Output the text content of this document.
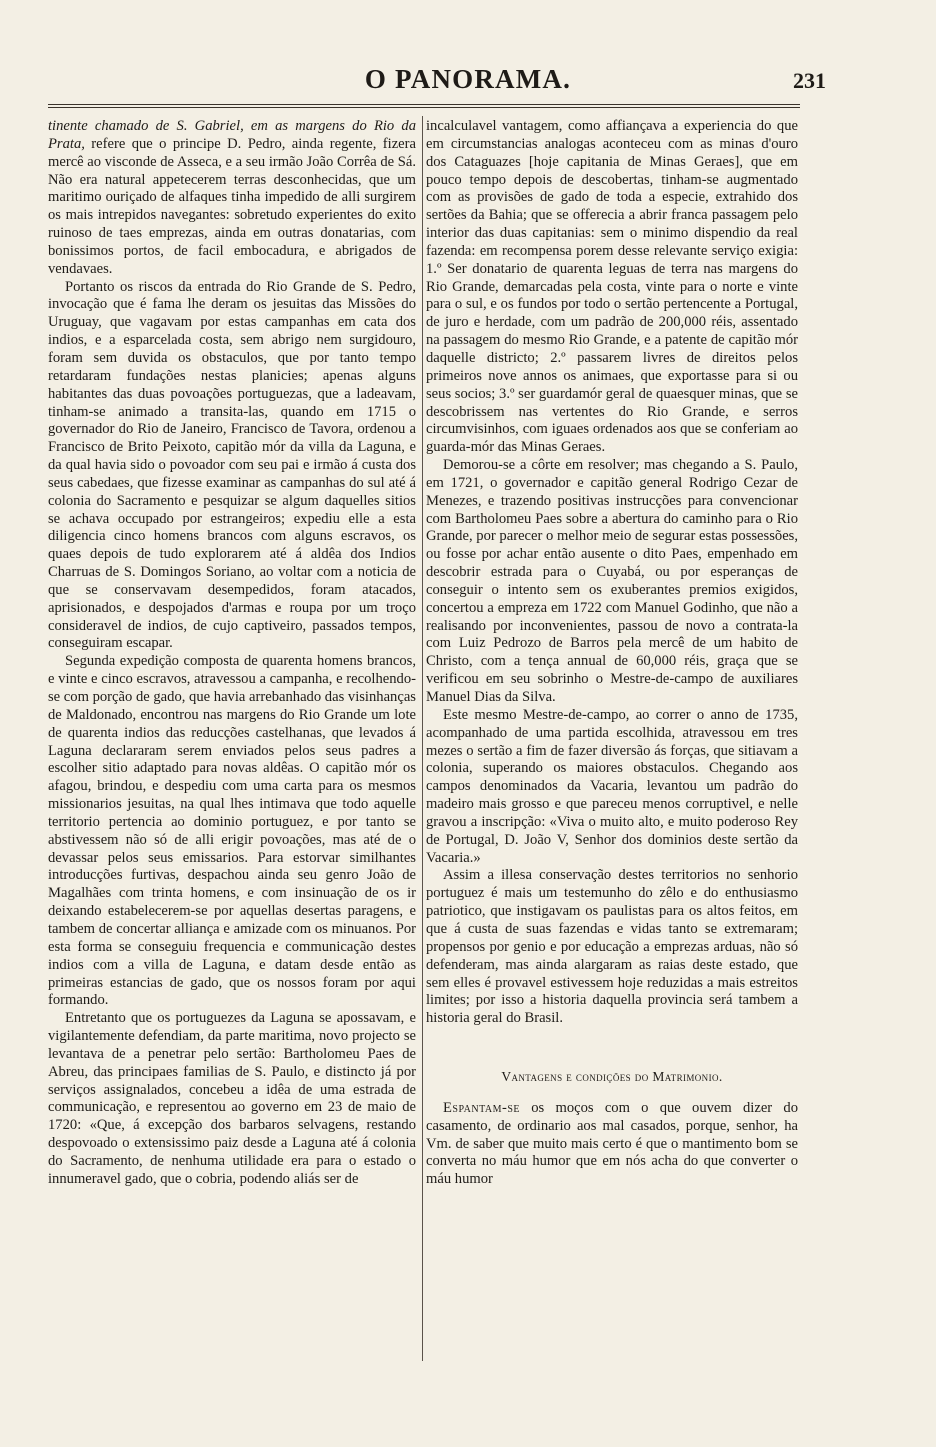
O PANORAMA.	231

tinente chamado de S. Gabriel, em as margens do Rio da Prata, refere que o principe D. Pedro, ainda regente, fizera mercê ao visconde de Asseca, e a seu irmão João Corrêa de Sá. Não era natural appetecerem terras desconhecidas, que um maritimo ouriçado de alfaques tinha impedido de alli surgirem os mais intrepidos navegantes: sobretudo experientes do exito ruinoso de taes emprezas, ainda em outras donatarias, com bonissimos portos, de facil embocadura, e abrigados de vendavaes.

Portanto os riscos da entrada do Rio Grande de S. Pedro, invocação que é fama lhe deram os jesuitas das Missões do Uruguay, que vagavam por estas campanhas em cata dos indios, e a esparcelada costa, sem abrigo nem surgidouro, foram sem duvida os obstaculos, que por tanto tempo retardaram fundações nestas planicies; apenas alguns habitantes das duas povoações portuguezas, que a ladeavam, tinham-se animado a transita-las, quando em 1715 o governador do Rio de Janeiro, Francisco de Tavora, ordenou a Francisco de Brito Peixoto, capitão mór da villa da Laguna, e da qual havia sido o povoador com seu pai e irmão á custa dos seus cabedaes, que fizesse examinar as campanhas do sul até á colonia do Sacramento e pesquizar se algum daquelles sitios se achava occupado por estrangeiros; expediu elle a esta diligencia cinco homens brancos com alguns escravos, os quaes depois de tudo explorarem até á aldêa dos Indios Charruas de S. Domingos Soriano, ao voltar com a noticia de que se conservavam desempedidos, foram atacados, aprisionados, e despojados d'armas e roupa por um troço consideravel de indios, de cujo captiveiro, passados tempos, conseguiram escapar.

Segunda expedição composta de quarenta homens brancos, e vinte e cinco escravos, atravessou a campanha, e recolhendo-se com porção de gado, que havia arrebanhado das visinhanças de Maldonado, encontrou nas margens do Rio Grande um lote de quarenta indios das reducções castelhanas, que levados á Laguna declararam serem enviados pelos seus padres a escolher sitio adaptado para novas aldêas. O capitão mór os afagou, brindou, e despediu com uma carta para os mesmos missionarios jesuitas, na qual lhes intimava que todo aquelle territorio pertencia ao dominio portuguez, e por tanto se abstivessem não só de alli erigir povoações, mas até de o devassar pelos seus emissarios. Para estorvar similhantes introducções furtivas, despachou ainda seu genro João de Magalhães com trinta homens, e com insinuação de os ir deixando estabelecerem-se por aquellas desertas paragens, e tambem de concertar alliança e amizade com os minuanos. Por esta forma se conseguiu frequencia e communicação destes indios com a villa de Laguna, e datam desde então as primeiras estancias de gado, que os nossos foram por aqui formando.

Entretanto que os portuguezes da Laguna se apossavam, e vigilantemente defendiam, da parte maritima, novo projecto se levantava de a penetrar pelo sertão: Bartholomeu Paes de Abreu, das principaes familias de S. Paulo, e distincto já por serviços assignalados, concebeu a idêa de uma estrada de communicação, e representou ao governo em 23 de maio de 1720: «Que, á excepção dos barbaros selvagens, restando despovoado o extensissimo paiz desde a Laguna até á colonia do Sacramento, de nenhuma utilidade era para o estado o innumeravel gado, que o cobria, podendo aliás ser de

incalculavel vantagem, como affiançava a experiencia do que em circumstancias analogas aconteceu com as minas d'ouro dos Cataguazes [hoje capitania de Minas Geraes], que em pouco tempo depois de descobertas, tinham-se augmentado com as provisões de gado de toda a especie, extrahido dos sertões da Bahia; que se offerecia a abrir franca passagem pelo interior das duas capitanias: sem o minimo dispendio da real fazenda: em recompensa porem desse relevante serviço exigia: 1.º Ser donatario de quarenta leguas de terra nas margens do Rio Grande, demarcadas pela costa, vinte para o norte e vinte para o sul, e os fundos por todo o sertão pertencente a Portugal, de juro e herdade, com um padrão de 200,000 réis, assentado na passagem do mesmo Rio Grande, e a patente de capitão mór daquelle districto; 2.º passarem livres de direitos pelos primeiros nove annos os animaes, que exportasse para si ou seus socios; 3.º ser guardamór geral de quaesquer minas, que se descobrissem nas vertentes do Rio Grande, e serros circumvisinhos, com iguaes ordenados aos que se conferiam ao guarda-mór das Minas Geraes.

Demorou-se a côrte em resolver; mas chegando a S. Paulo, em 1721, o governador e capitão general Rodrigo Cezar de Menezes, e trazendo positivas instrucções para convencionar com Bartholomeu Paes sobre a abertura do caminho para o Rio Grande, por parecer o melhor meio de segurar estas possessões, ou fosse por achar então ausente o dito Paes, empenhado em descobrir estrada para o Cuyabá, ou por esperanças de conseguir o intento sem os exuberantes premios exigidos, concertou a empreza em 1722 com Manuel Godinho, que não a realisando por inconvenientes, passou de novo a contrata-la com Luiz Pedrozo de Barros pela mercê de um habito de Christo, com a tença annual de 60,000 réis, graça que se verificou em seu sobrinho o Mestre-de-campo de auxiliares Manuel Dias da Silva.

Este mesmo Mestre-de-campo, ao correr o anno de 1735, acompanhado de uma partida escolhida, atravessou em tres mezes o sertão a fim de fazer diversão ás forças, que sitiavam a colonia, superando os maiores obstaculos. Chegando aos campos denominados da Vacaria, levantou um padrão do madeiro mais grosso e que pareceu menos corruptivel, e nelle gravou a inscripção: «Viva o muito alto, e muito poderoso Rey de Portugal, D. João V, Senhor dos dominios deste sertão da Vacaria.»

Assim a illesa conservação destes territorios no senhorio portuguez é mais um testemunho do zêlo e do enthusiasmo patriotico, que instigavam os paulistas para os altos feitos, em que á custa de suas fazendas e vidas tanto se extremaram; propensos por genio e por educação a emprezas arduas, não só defenderam, mas ainda alargaram as raias deste estado, que sem elles é provavel estivessem hoje reduzidas a mais estreitos limites; por isso a historia daquella provincia será tambem a historia geral do Brasil.

Vantagens e condições do Matrimonio.

Espantam-se os moços com o que ouvem dizer do casamento, de ordinario aos mal casados, porque, senhor, ha Vm. de saber que muito mais certo é que o mantimento bom se converta no máu humor que em nós acha do que converter o máu humor
